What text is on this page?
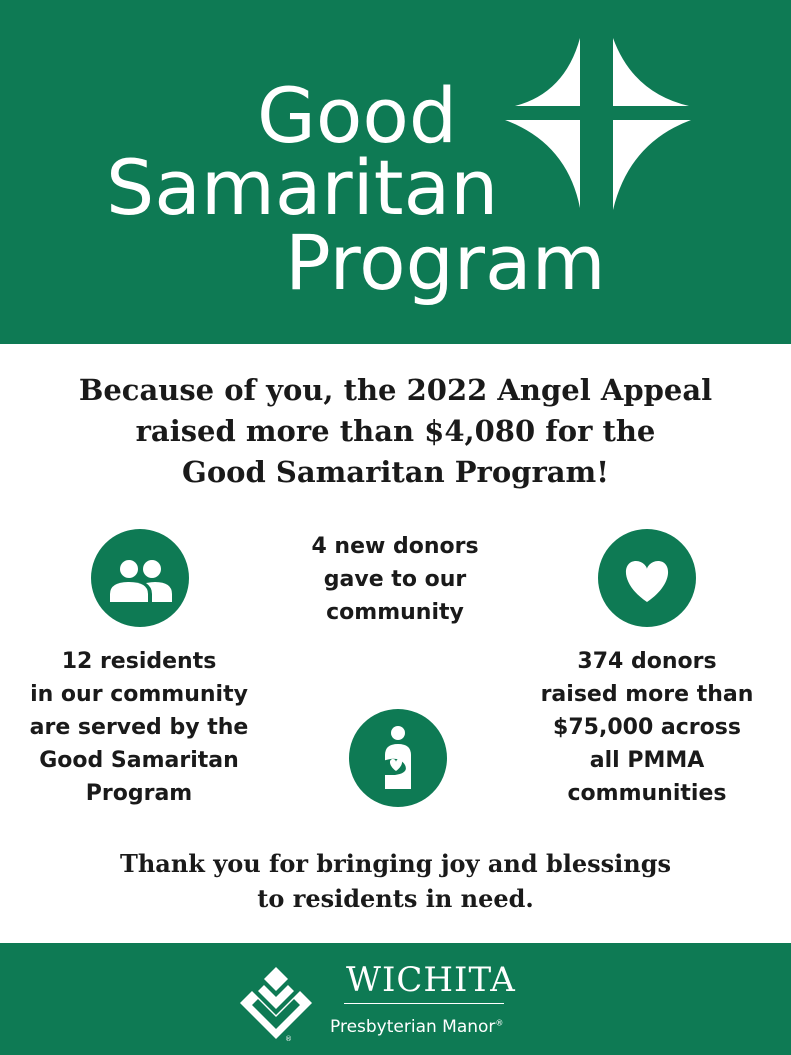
Good
Samaritan
Program
Because of you, the 2022 Angel Appeal
raised more than $4,080 for the
Good Samaritan Program!
12 residents
in our community
are served by the
Good Samaritan
Program
4 new donors
gave to our
community
374 donors
raised more than
$75,000 across
all PMMA
communities
Thank you for bringing joy and blessings
to residents in need.
®
WICHITA
Presbyterian Manor®
